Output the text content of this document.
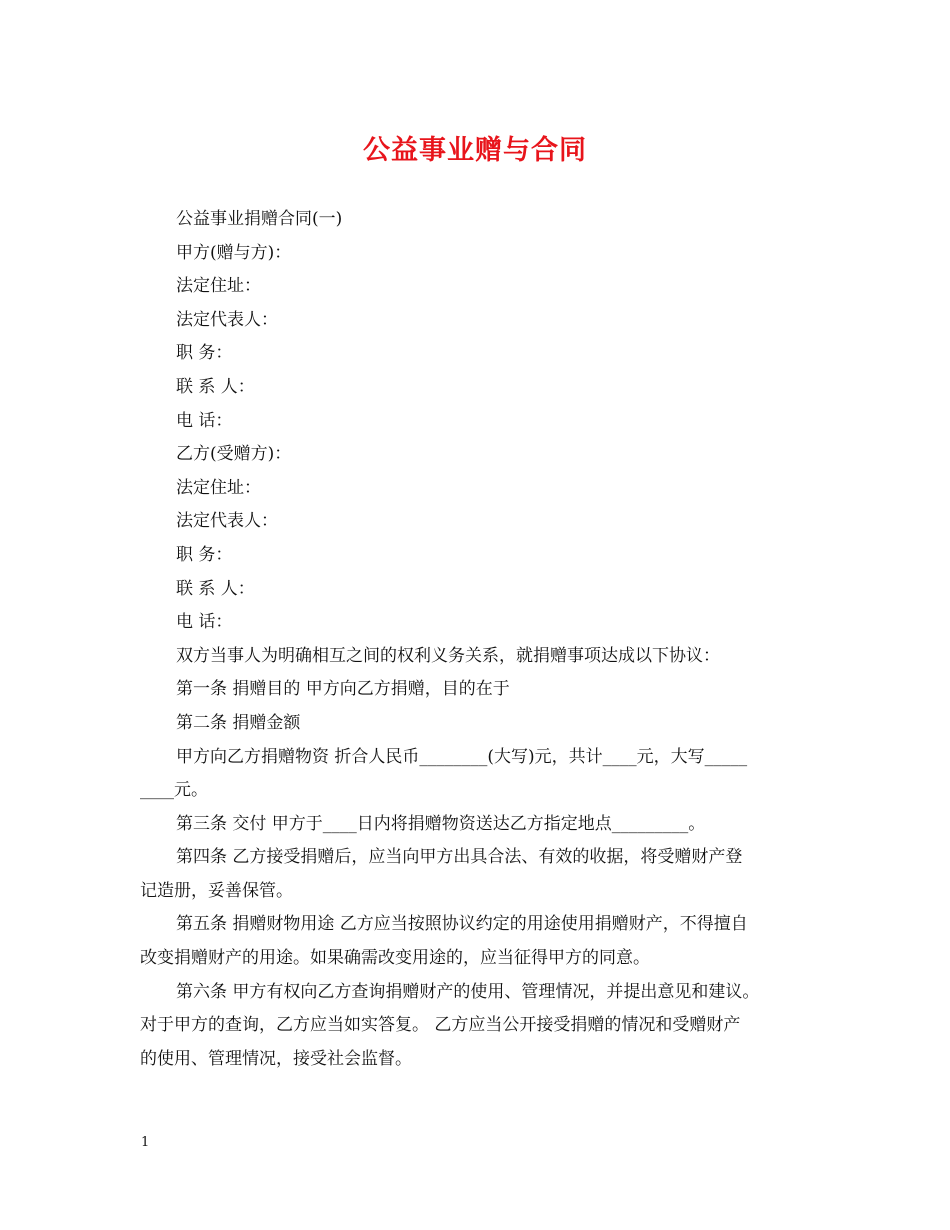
公益事业赠与合同
公益事业捐赠合同(一)
甲方(赠与方)：
法定住址：
法定代表人：
职 务：
联 系 人：
电 话：
乙方(受赠方)：
法定住址：
法定代表人：
职 务：
联 系 人：
电 话：
双方当事人为明确相互之间的权利义务关系，就捐赠事项达成以下协议：
第一条 捐赠目的 甲方向乙方捐赠，目的在于
第二条 捐赠金额
甲方向乙方捐赠物资 折合人民币________(大写)元，共计____元，大写_____
____元。
第三条 交付 甲方于____日内将捐赠物资送达乙方指定地点_________。
第四条 乙方接受捐赠后，应当向甲方出具合法、有效的收据，将受赠财产登
记造册，妥善保管。
第五条 捐赠财物用途 乙方应当按照协议约定的用途使用捐赠财产，不得擅自
改变捐赠财产的用途。如果确需改变用途的，应当征得甲方的同意。
第六条 甲方有权向乙方查询捐赠财产的使用、管理情况，并提出意见和建议。
对于甲方的查询，乙方应当如实答复。 乙方应当公开接受捐赠的情况和受赠财产
的使用、管理情况，接受社会监督。
1
